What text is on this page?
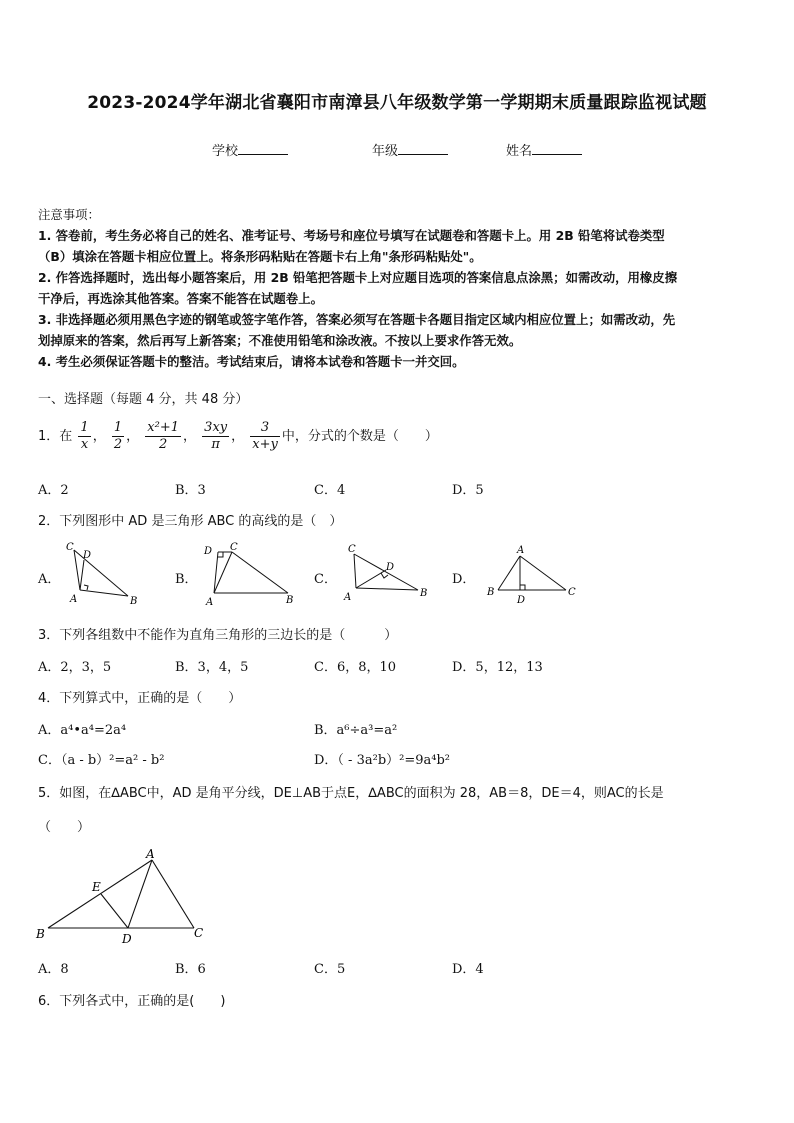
2023-2024学年湖北省襄阳市南漳县八年级数学第一学期期末质量跟踪监视试题
学校	年级	姓名

注意事项：

1. 答卷前，考生务必将自己的姓名、准考证号、考场号和座位号填写在试题卷和答题卡上。用 2B 铅笔将试卷类型

（B）填涂在答题卡相应位置上。将条形码粘贴在答题卡右上角"条形码粘贴处"。

2. 作答选择题时，选出每小题答案后，用 2B 铅笔把答题卡上对应题目选项的答案信息点涂黑；如需改动，用橡皮擦

干净后，再选涂其他答案。答案不能答在试题卷上。

3. 非选择题必须用黑色字迹的钢笔或签字笔作答，答案必须写在答题卡各题目指定区域内相应位置上；如需改动，先

划掉原来的答案，然后再写上新答案；不准使用铅笔和涂改液。不按以上要求作答无效。

4. 考生必须保证答题卡的整洁。考试结束后，请将本试卷和答题卡一并交回。

一、选择题（每题 4 分，共 48 分）
1．在 $\frac{1}{x}$ ， $\frac{1}{2}$ ， $\frac{\text{x²+1}}{2}$ ， $\frac{3xy}{\pi}$ ， $\frac{3}{x+y}$ 中，分式的个数是（　　）
A．2	B．3	C．4	D．5
2．下列图形中 AD 是三角形 ABC 的高线的是（　）
A．	B．	C．	D．
C
D
A	B
D C
A	B
C
D
A	B
A
B
D
C
3．下列各组数中不能作为直角三角形的三边长的是（　　　）
A．2，3，5	B．3，4，5	C．6，8，10	D．5，12，13
4．下列算式中，正确的是（　　）
A．a⁴•a⁴=2a⁴	B．a⁶÷a³=a²
C．（a - b）²=a² - b²	D．（ - 3a²b）²=9a⁴b²
5．如图，在∆ABC中，AD 是角平分线，DE⊥AB于点E，∆ABC的面积为 28，AB＝8，DE＝4，则AC的长是
（　　）
A
E
B	D	C
A．8	B．6	C．5	D．4
6．下列各式中，正确的是(　　)
